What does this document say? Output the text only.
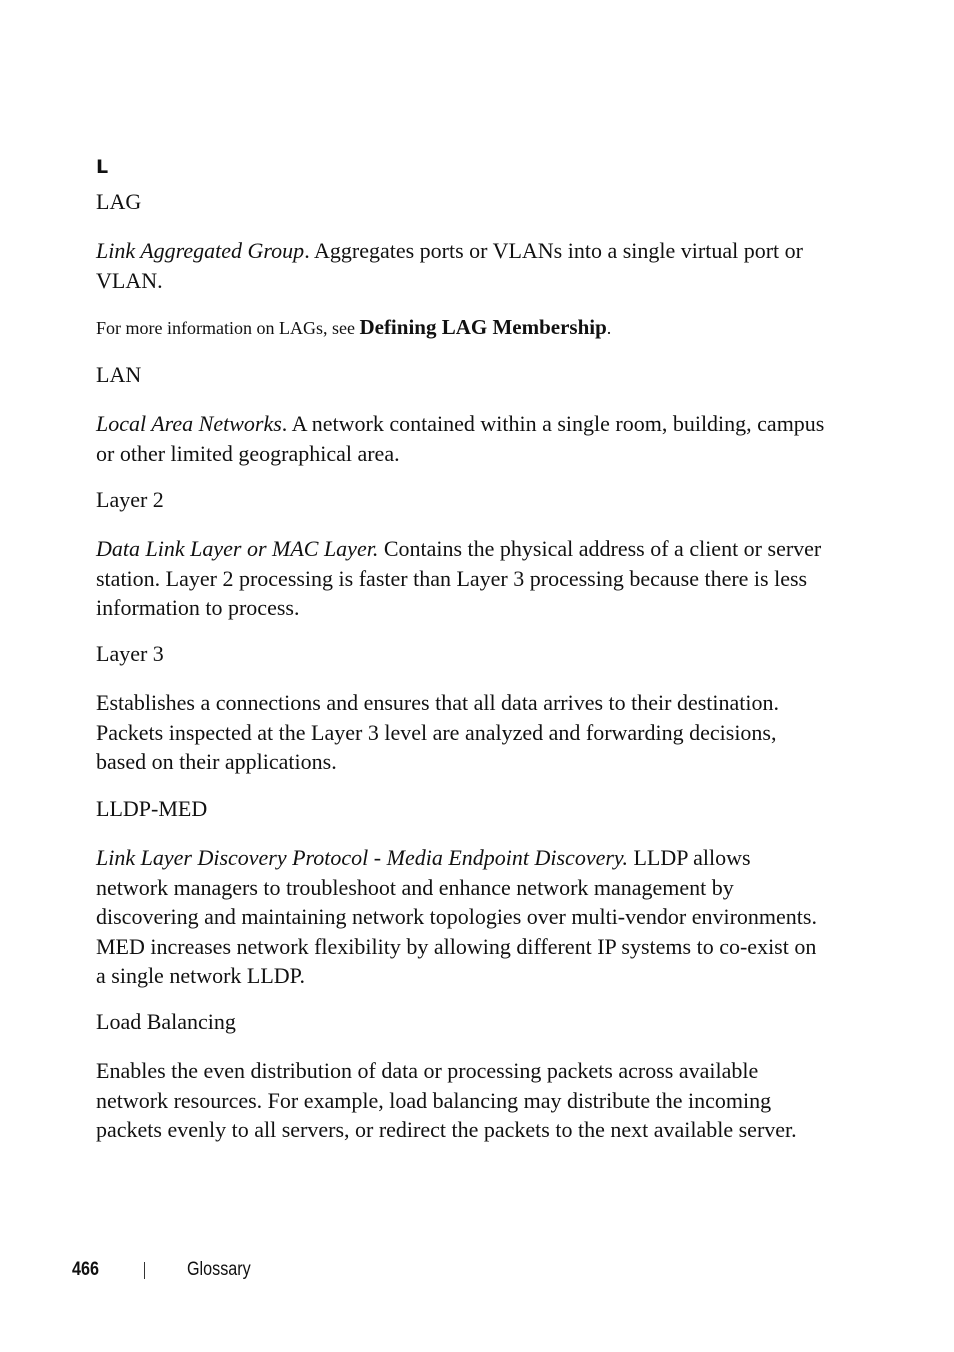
L
LAG

Link Aggregated Group. Aggregates ports or VLANs into a single virtual port or VLAN.

For more information on LAGs, see Defining LAG Membership.

LAN

Local Area Networks. A network contained within a single room, building, campus or other limited geographical area.

Layer 2

Data Link Layer or MAC Layer. Contains the physical address of a client or server station. Layer 2 processing is faster than Layer 3 processing because there is less information to process.

Layer 3

Establishes a connections and ensures that all data arrives to their destination. Packets inspected at the Layer 3 level are analyzed and forwarding decisions, based on their applications.

LLDP-MED

Link Layer Discovery Protocol - Media Endpoint Discovery. LLDP allows network managers to troubleshoot and enhance network management by discovering and maintaining network topologies over multi-vendor environments. MED increases network flexibility by allowing different IP systems to co-exist on a single network LLDP.

Load Balancing

Enables the even distribution of data or processing packets across available network resources. For example, load balancing may distribute the incoming packets evenly to all servers, or redirect the packets to the next available server.

466	Glossary
